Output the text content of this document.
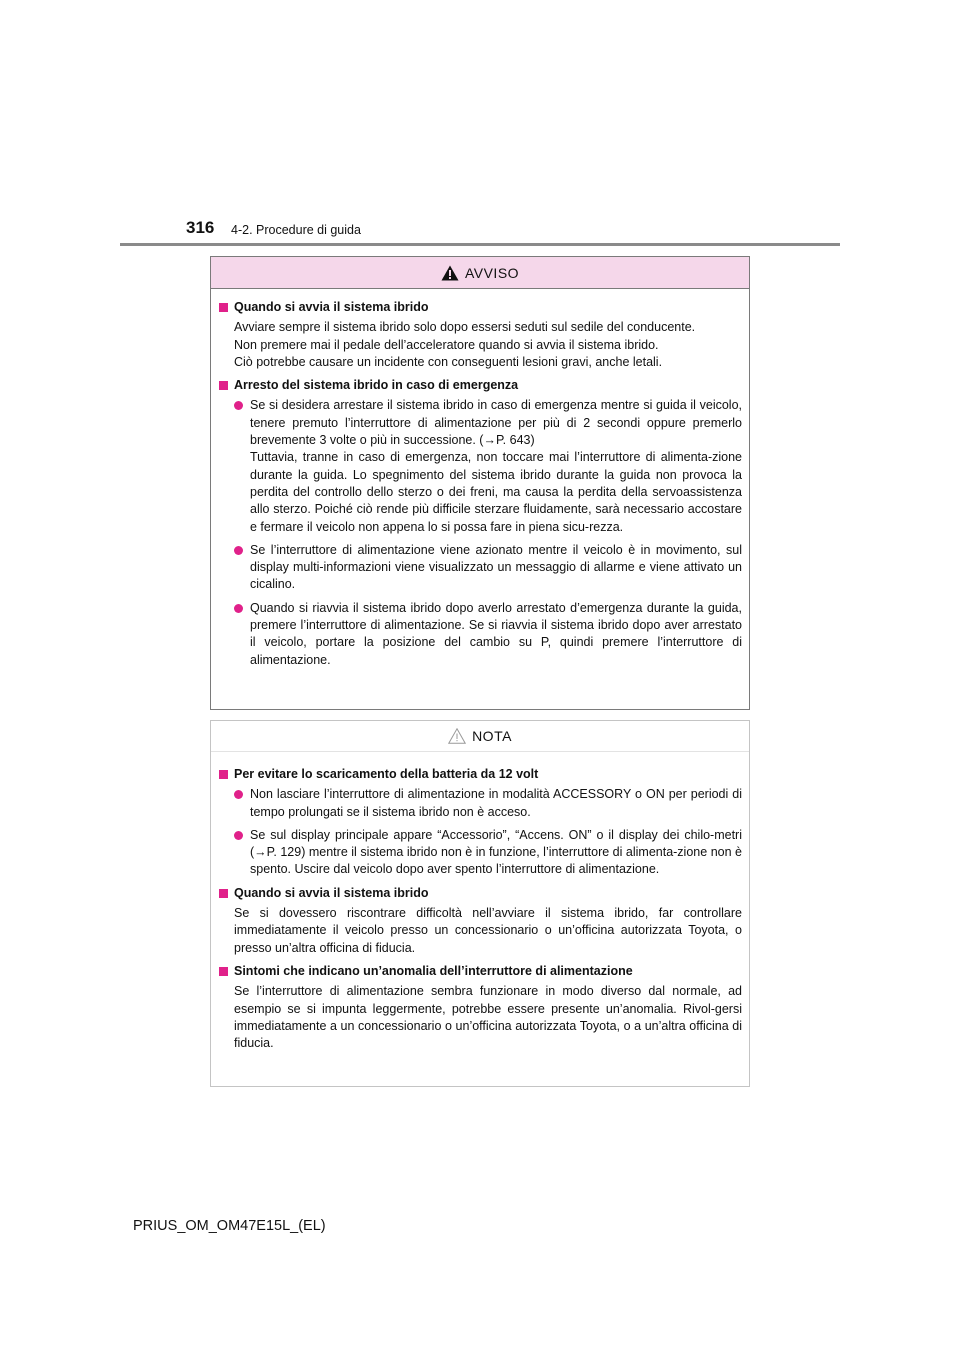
316 4-2. Procedure di guida
AVVISO
Quando si avvia il sistema ibrido

Avviare sempre il sistema ibrido solo dopo essersi seduti sul sedile del conducente.

Non premere mai il pedale dell’acceleratore quando si avvia il sistema ibrido.

Ciò potrebbe causare un incidente con conseguenti lesioni gravi, anche letali.

Arresto del sistema ibrido in caso di emergenza

Se si desidera arrestare il sistema ibrido in caso di emergenza mentre si guida il veicolo, tenere premuto l’interruttore di alimentazione per più di 2 secondi oppure premerlo brevemente 3 volte o più in successione. (→P. 643)

Tuttavia, tranne in caso di emergenza, non toccare mai l’interruttore di alimenta-zione durante la guida. Lo spegnimento del sistema ibrido durante la guida non provoca la perdita del controllo dello sterzo o dei freni, ma causa la perdita della servoassistenza allo sterzo. Poiché ciò rende più difficile sterzare fluidamente, sarà necessario accostare e fermare il veicolo non appena lo si possa fare in piena sicu-rezza.

Se l’interruttore di alimentazione viene azionato mentre il veicolo è in movimento, sul display multi-informazioni viene visualizzato un messaggio di allarme e viene attivato un cicalino.

Quando si riavvia il sistema ibrido dopo averlo arrestato d’emergenza durante la guida, premere l’interruttore di alimentazione. Se si riavvia il sistema ibrido dopo aver arrestato il veicolo, portare la posizione del cambio su P, quindi premere l’interruttore di alimentazione.

NOTA
Per evitare lo scaricamento della batteria da 12 volt

Non lasciare l’interruttore di alimentazione in modalità ACCESSORY o ON per periodi di tempo prolungati se il sistema ibrido non è acceso.

Se sul display principale appare “Accessorio”, “Accens. ON” o il display dei chilo-metri (→P. 129) mentre il sistema ibrido non è in funzione, l’interruttore di alimenta-zione non è spento. Uscire dal veicolo dopo aver spento l’interruttore di alimentazione.

Quando si avvia il sistema ibrido

Se si dovessero riscontrare difficoltà nell’avviare il sistema ibrido, far controllare immediatamente il veicolo presso un concessionario o un’officina autorizzata Toyota, o presso un’altra officina di fiducia.

Sintomi che indicano un’anomalia dell’interruttore di alimentazione

Se l’interruttore di alimentazione sembra funzionare in modo diverso dal normale, ad esempio se si impunta leggermente, potrebbe essere presente un’anomalia. Rivol-gersi immediatamente a un concessionario o un’officina autorizzata Toyota, o a un’altra officina di fiducia.

PRIUS_OM_OM47E15L_(EL)
